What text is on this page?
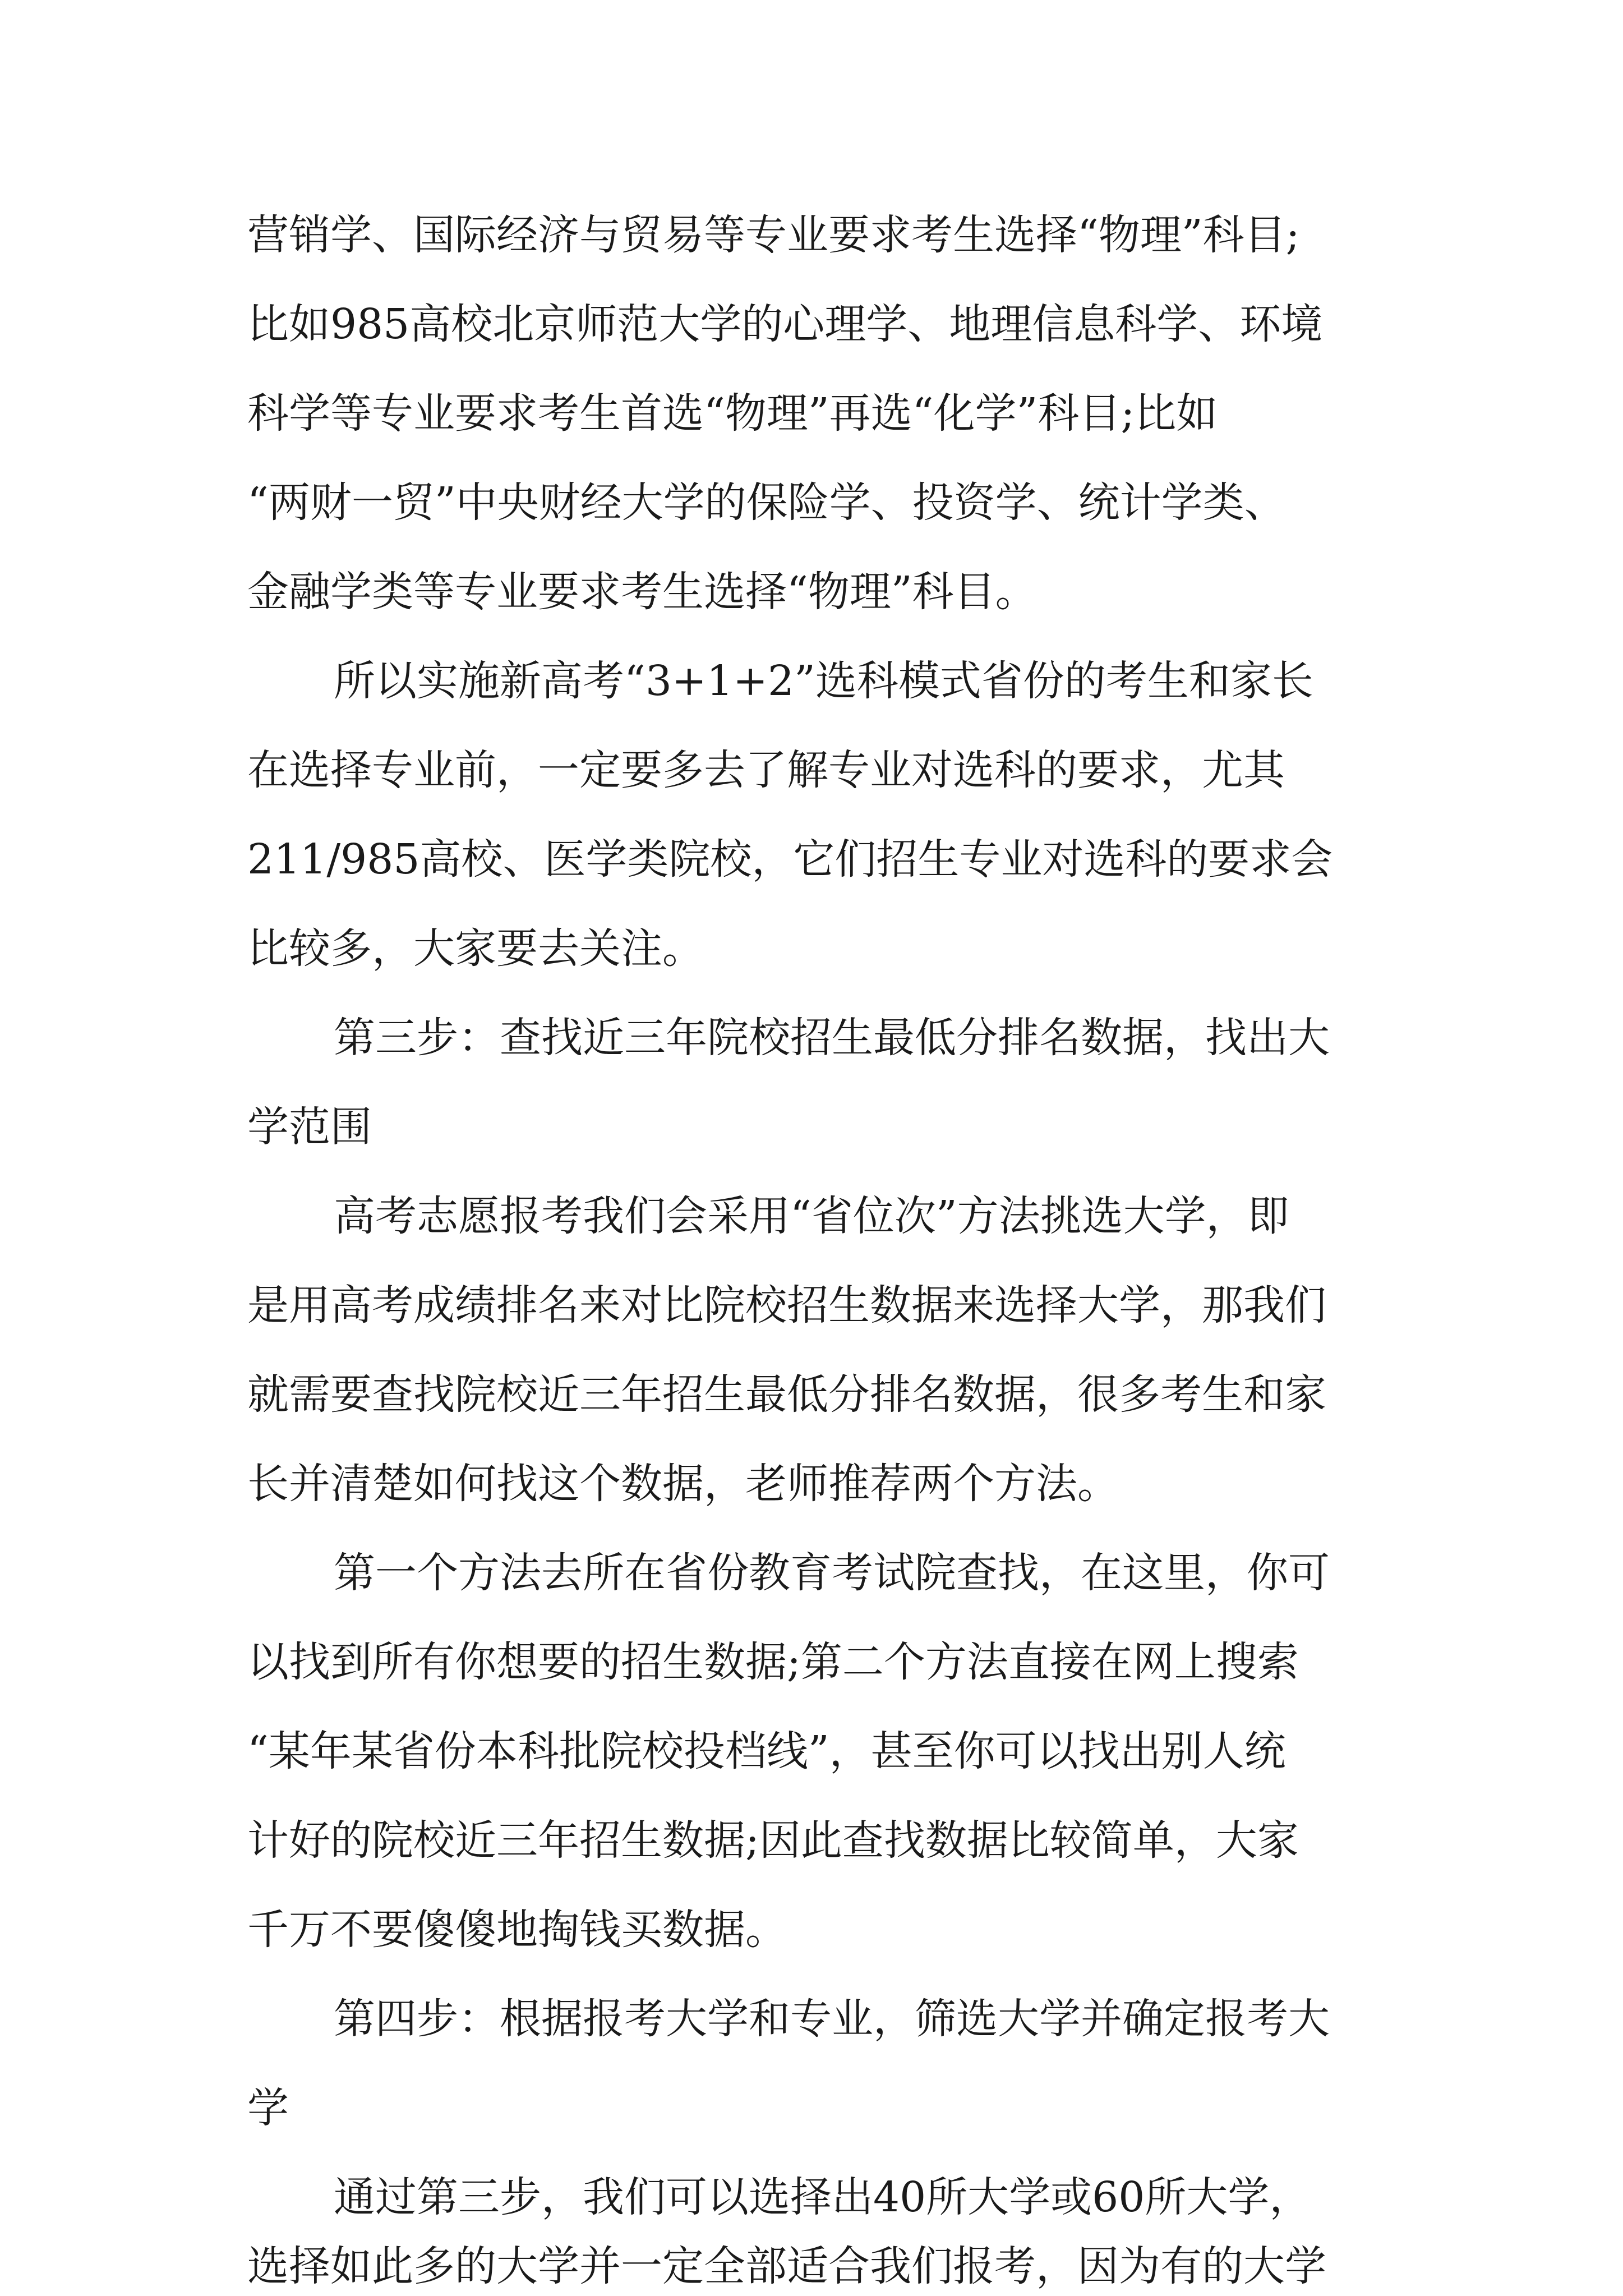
营销学、国际经济与贸易等专业要求考生选择“物理”科目;
比如985高校北京师范大学的心理学、地理信息科学、环境
科学等专业要求考生首选“物理”再选“化学”科目;比如
“两财一贸”中央财经大学的保险学、投资学、统计学类、
金融学类等专业要求考生选择“物理”科目。
所以实施新高考“3+1+2”选科模式省份的考生和家长
在选择专业前，一定要多去了解专业对选科的要求，尤其
211/985高校、医学类院校，它们招生专业对选科的要求会
比较多，大家要去关注。
第三步：查找近三年院校招生最低分排名数据，找出大
学范围
高考志愿报考我们会采用“省位次”方法挑选大学，即
是用高考成绩排名来对比院校招生数据来选择大学，那我们
就需要查找院校近三年招生最低分排名数据，很多考生和家
长并清楚如何找这个数据，老师推荐两个方法。
第一个方法去所在省份教育考试院查找，在这里，你可
以找到所有你想要的招生数据;第二个方法直接在网上搜索
“某年某省份本科批院校投档线”，甚至你可以找出别人统
计好的院校近三年招生数据;因此查找数据比较简单，大家
千万不要傻傻地掏钱买数据。
第四步：根据报考大学和专业，筛选大学并确定报考大
学
通过第三步，我们可以选择出40所大学或60所大学，
选择如此多的大学并一定全部适合我们报考，因为有的大学
